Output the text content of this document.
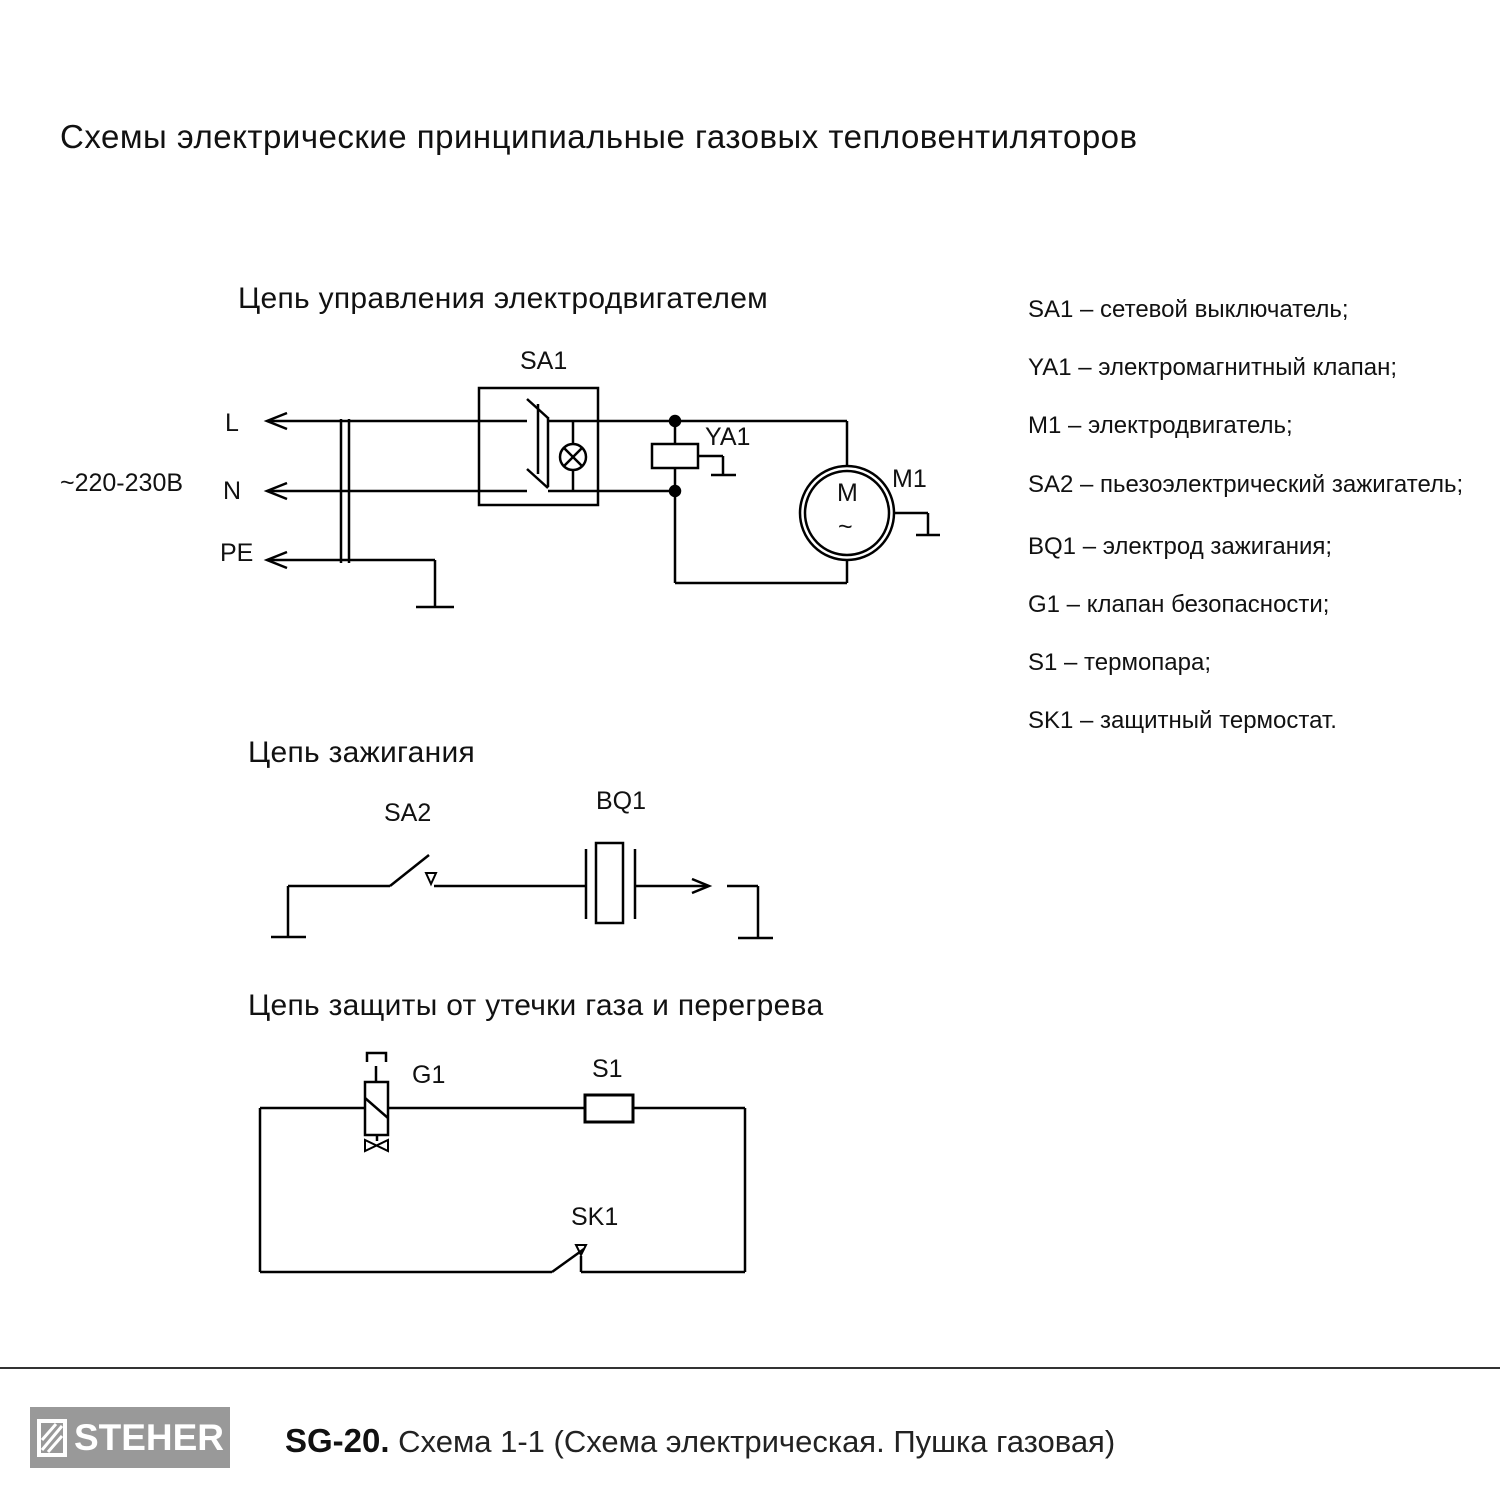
Схемы электрические принципиальные газовых тепловентиляторов
Цепь управления электродвигателем
SA1
~220-230В
L
N
PE
YA1
M1
M
~
Цепь зажигания
SA2	BQ1
Цепь защиты от утечки газа и перегрева
G1	S1
SK1
SA1 – сетевой выключатель;
YA1 – электромагнитный клапан;
M1 – электродвигатель;
SA2 – пьезоэлектрический зажигатель;
BQ1 – электрод зажигания;
G1 – клапан безопасности;
S1 – термопара;
SK1 – защитный термостат.
STEHER SG-20. Схема 1-1 (Схема электрическая. Пушка газовая)
